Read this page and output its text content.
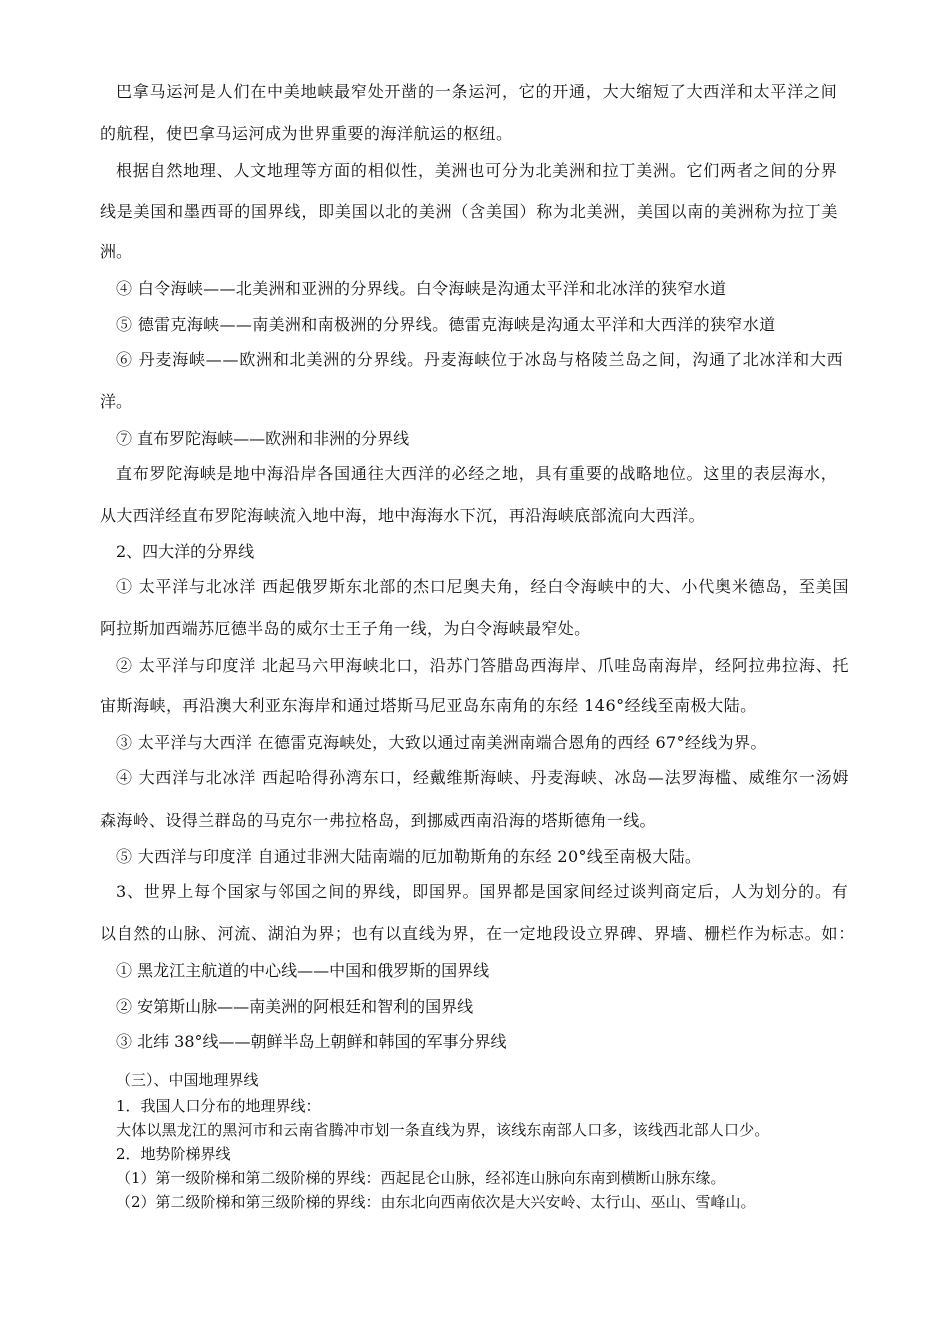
巴拿马运河是人们在中美地峡最窄处开凿的一条运河，它的开通，大大缩短了大西洋和太平洋之间
的航程，使巴拿马运河成为世界重要的海洋航运的枢纽。
根据自然地理、人文地理等方面的相似性，美洲也可分为北美洲和拉丁美洲。它们两者之间的分界
线是美国和墨西哥的国界线，即美国以北的美洲（含美国）称为北美洲，美国以南的美洲称为拉丁美
洲。
④ 白令海峡——北美洲和亚洲的分界线。白令海峡是沟通太平洋和北冰洋的狭窄水道
⑤ 德雷克海峡——南美洲和南极洲的分界线。德雷克海峡是沟通太平洋和大西洋的狭窄水道
⑥ 丹麦海峡——欧洲和北美洲的分界线。丹麦海峡位于冰岛与格陵兰岛之间，沟通了北冰洋和大西
洋。
⑦ 直布罗陀海峡——欧洲和非洲的分界线
直布罗陀海峡是地中海沿岸各国通往大西洋的必经之地，具有重要的战略地位。这里的表层海水，
从大西洋经直布罗陀海峡流入地中海，地中海海水下沉，再沿海峡底部流向大西洋。
2、四大洋的分界线
① 太平洋与北冰洋 西起俄罗斯东北部的杰口尼奥夫角，经白令海峡中的大、小代奥米德岛，至美国
阿拉斯加西端苏厄德半岛的威尔士王子角一线，为白令海峡最窄处。
② 太平洋与印度洋 北起马六甲海峡北口，沿苏门答腊岛西海岸、爪哇岛南海岸，经阿拉弗拉海、托
宙斯海峡，再沿澳大利亚东海岸和通过塔斯马尼亚岛东南角的东经 146°经线至南极大陆。
③ 太平洋与大西洋 在德雷克海峡处，大致以通过南美洲南端合恩角的西经 67°经线为界。
④ 大西洋与北冰洋 西起哈得孙湾东口，经戴维斯海峡、丹麦海峡、冰岛—法罗海槛、威维尔一汤姆
森海岭、设得兰群岛的马克尔一弗拉格岛，到挪威西南沿海的塔斯德角一线。
⑤ 大西洋与印度洋 自通过非洲大陆南端的厄加勒斯角的东经 20°线至南极大陆。
3、世界上每个国家与邻国之间的界线，即国界。国界都是国家间经过谈判商定后，人为划分的。有
以自然的山脉、河流、湖泊为界；也有以直线为界，在一定地段设立界碑、界墙、栅栏作为标志。如：
① 黑龙江主航道的中心线——中国和俄罗斯的国界线
② 安第斯山脉——南美洲的阿根廷和智利的国界线
③ 北纬 38°线——朝鲜半岛上朝鲜和韩国的军事分界线
（三）、中国地理界线
1．我国人口分布的地理界线：
大体以黑龙江的黑河市和云南省腾冲市划一条直线为界，该线东南部人口多，该线西北部人口少。
2．地势阶梯界线
（1）第一级阶梯和第二级阶梯的界线：西起昆仑山脉，经祁连山脉向东南到横断山脉东缘。
（2）第二级阶梯和第三级阶梯的界线：由东北向西南依次是大兴安岭、太行山、巫山、雪峰山。
